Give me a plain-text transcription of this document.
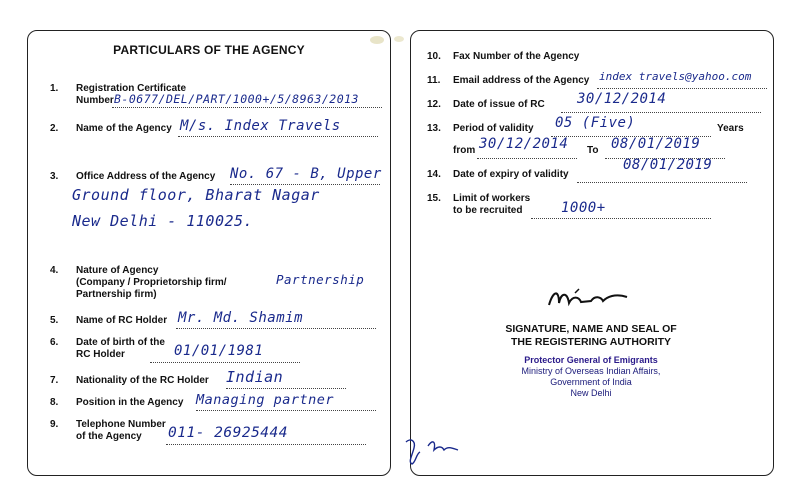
PARTICULARS OF THE AGENCY
1.	Registration Certificate
Number B-0677/DEL/PART/1000+/5/8963/2013
2.	Name of the Agency M/s. Index Travels
3.	Office Address of the Agency No. 67 - B, Upper
Ground floor, Bharat Nagar
New Delhi - 110025.
4.	Nature of Agency
(Company / Proprietorship firm/
Partnership firm)
Partnership
5.	Name of RC Holder Mr. Md. Shamim
6.	Date of birth of the
RC Holder	01/01/1981
7.	Nationality of the RC Holder Indian
8.	Position in the Agency Managing partner
9.	Telephone Number
of the Agency 011- 26925444
10.	Fax Number of the Agency
11.	Email address of the Agency index travels@yahoo.com
12.	Date of issue of RC 30/12/2014
13.	Period of validity 05 (Five)	Years
from 30/12/2014 To 08/01/2019
14.	Date of expiry of validity
08/01/2019
15.	Limit of workers
to be recruited	1000+
SIGNATURE, NAME AND SEAL OF
THE REGISTERING AUTHORITY
Protector General of Emigrants
Ministry of Overseas Indian Affairs,
Government of India
New Delhi
